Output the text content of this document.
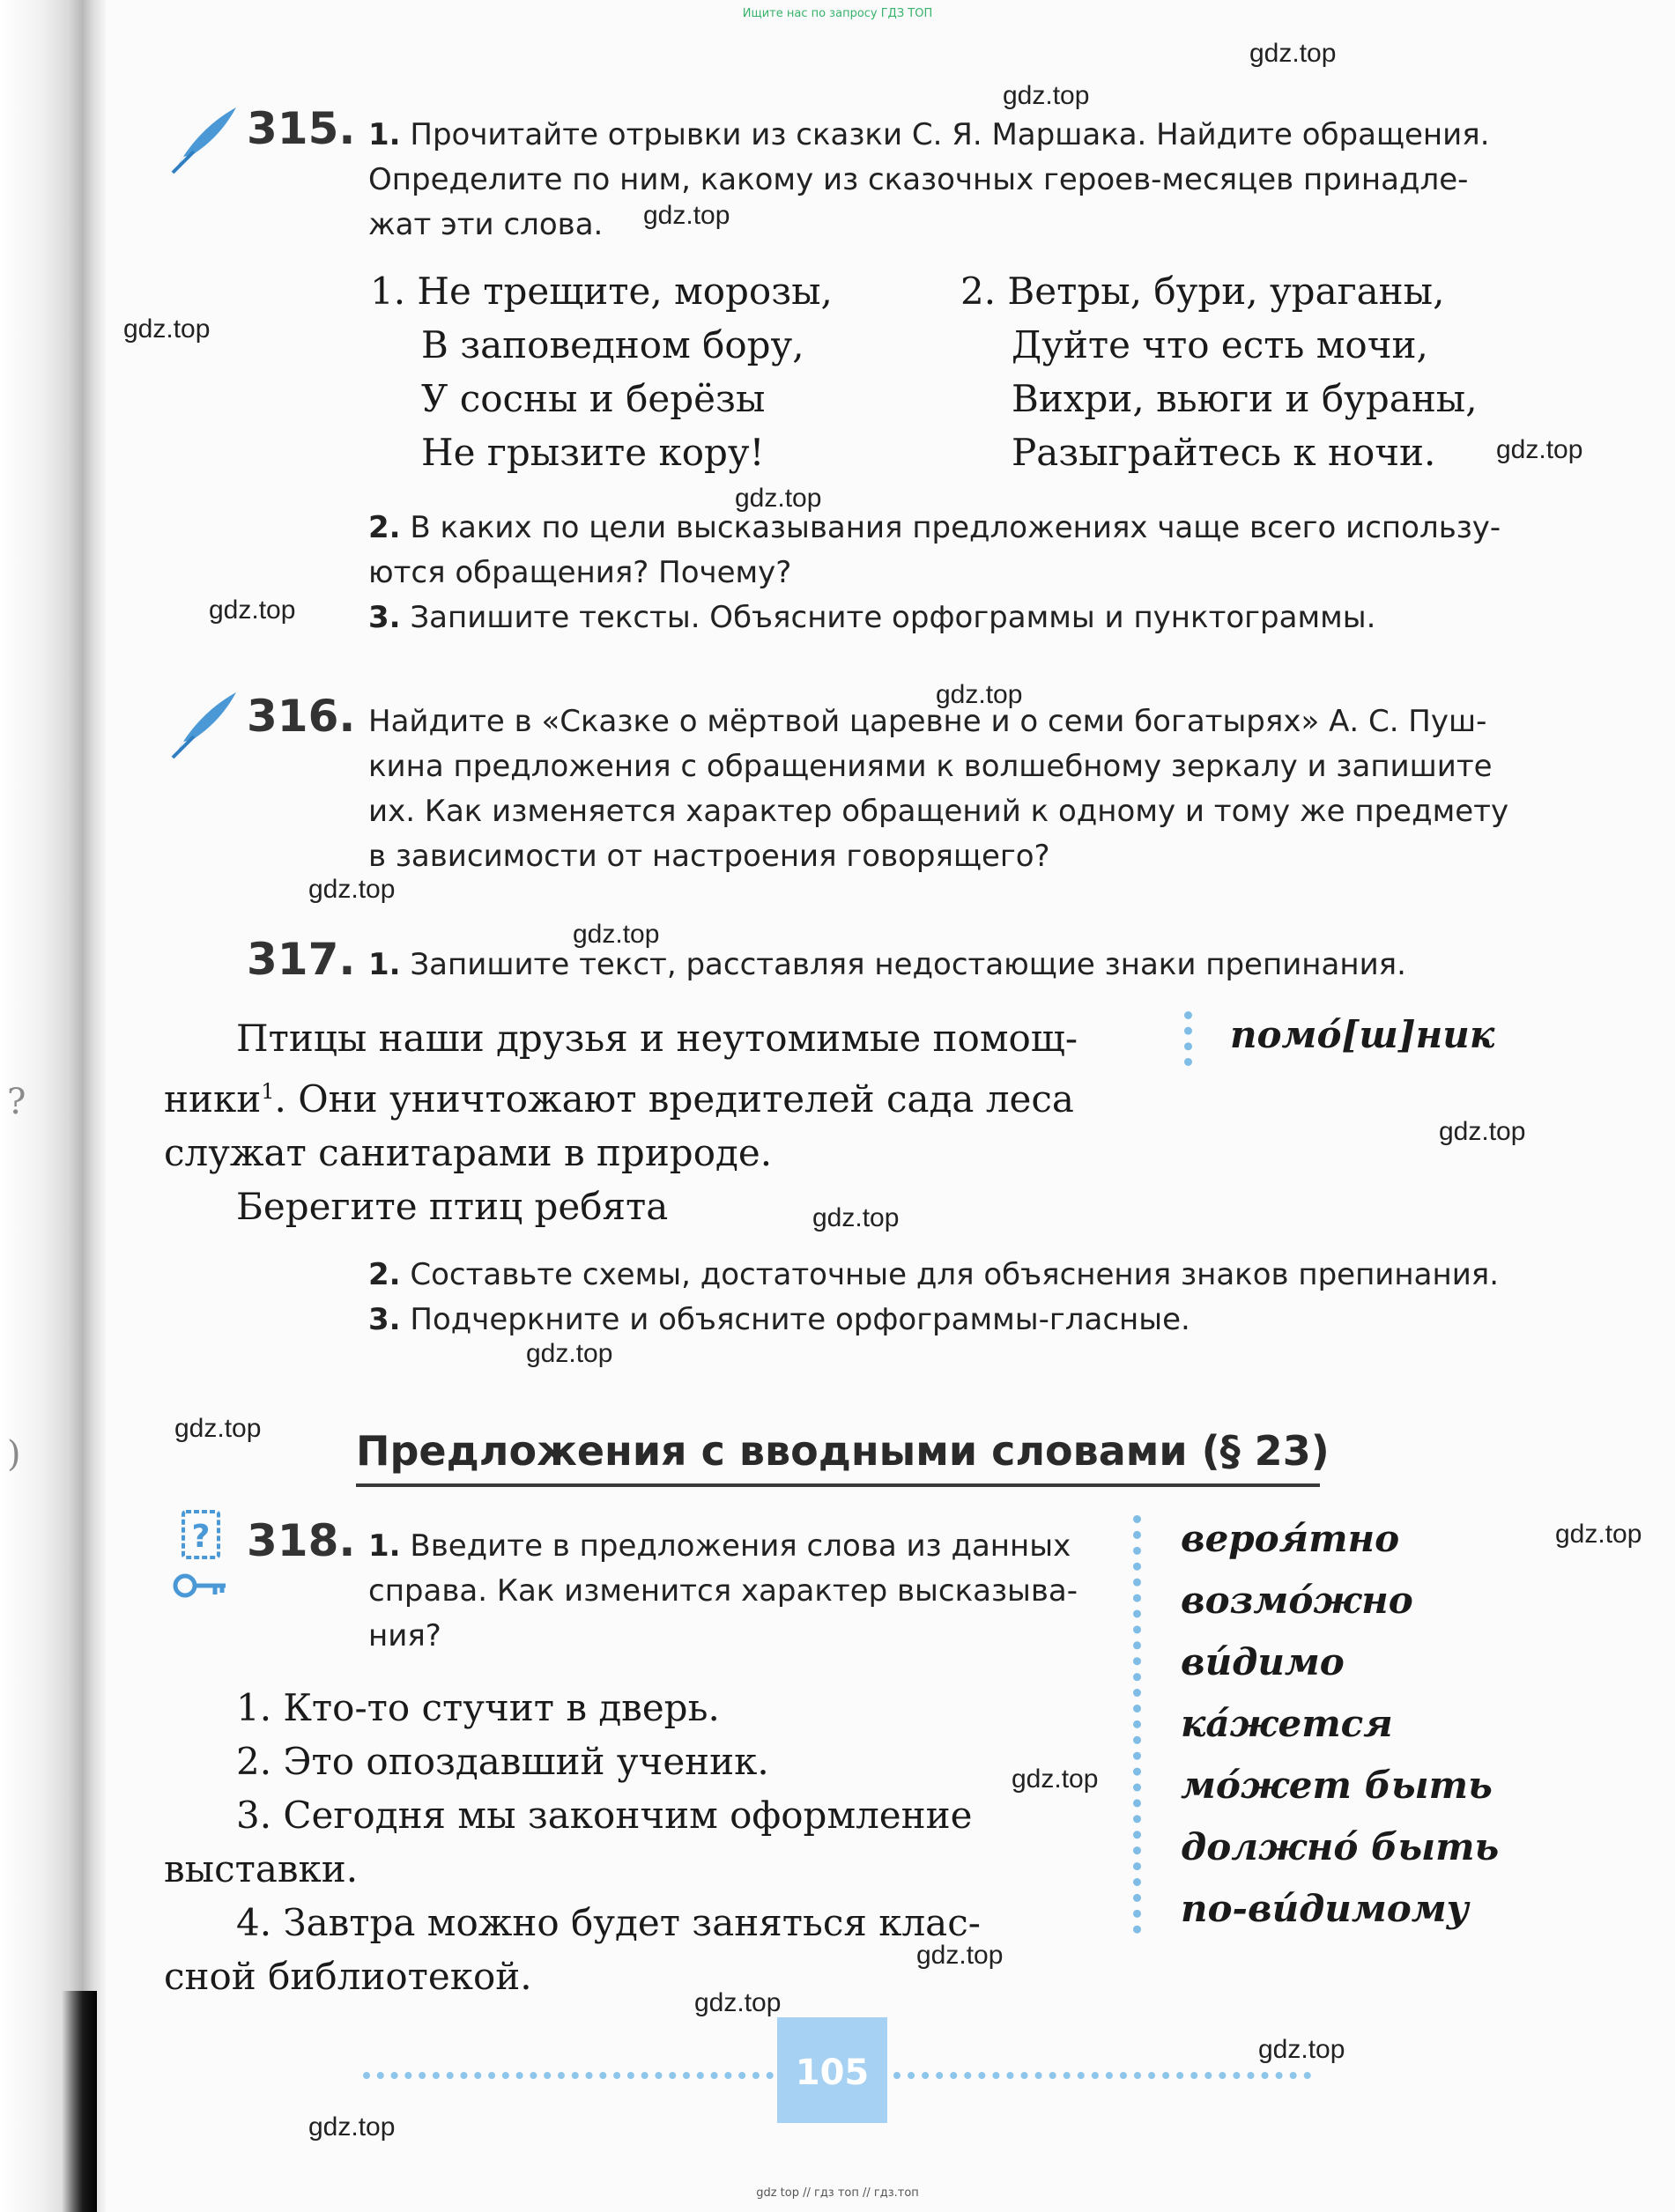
?
)
Ищите нас по запросу ГДЗ ТОП
gdz.top
gdz.top
gdz.top
gdz.top
gdz.top
gdz.top
gdz.top
gdz.top
gdz.top
gdz.top
gdz.top
gdz.top
gdz.top
gdz.top
gdz.top
gdz.top
gdz.top
gdz.top
gdz.top
gdz.top
315. 1. Прочитайте отрывки из сказки С. Я. Маршака. Найдите обращения.
Определите по ним, какому из сказочных героев-месяцев принадле-
жат эти слова.
1. Не трещите, морозы,
В заповедном бору,
У сосны и берёзы
Не грызите кору!
2. Ветры, бури, ураганы,
Дуйте что есть мочи,
Вихри, вьюги и бураны,
Разыграйтесь к ночи.
2. В каких по цели высказывания предложениях чаще всего использу-
ются обращения? Почему?
3. Запишите тексты. Объясните орфограммы и пунктограммы.
316. Найдите в «Сказке о мёртвой царевне и о семи богатырях» А. С. Пуш-
кина предложения с обращениями к волшебному зеркалу и запишите
их. Как изменяется характер обращений к одному и тому же предмету
в зависимости от настроения говорящего?
317. 1. Запишите текст, расставляя недостающие знаки препинания.
Птицы наши друзья и неутомимые помощ-
ники$^1$. Они уничтожают вредителей сада леса
служат санитарами в природе.
Берегите птиц ребята
помо́[ш]ник
2. Составьте схемы, достаточные для объяснения знаков препинания.
3. Подчеркните и объясните орфограммы-гласные.
Предложения с вводными словами (§ 23)
? 318. 1. Введите в предложения слова из данных
справа. Как изменится характер высказыва-
ния?
1. Кто-то стучит в дверь.
2. Это опоздавший ученик.
3. Сегодня мы закончим оформление
выставки.
4. Завтра можно будет заняться клас-
сной библиотекой.
вероя́тно
возмо́жно
ви́димо
ка́жется
мо́жет быть
должно́ быть
по-ви́димому
105
gdz top // гдз топ // гдз.топ
